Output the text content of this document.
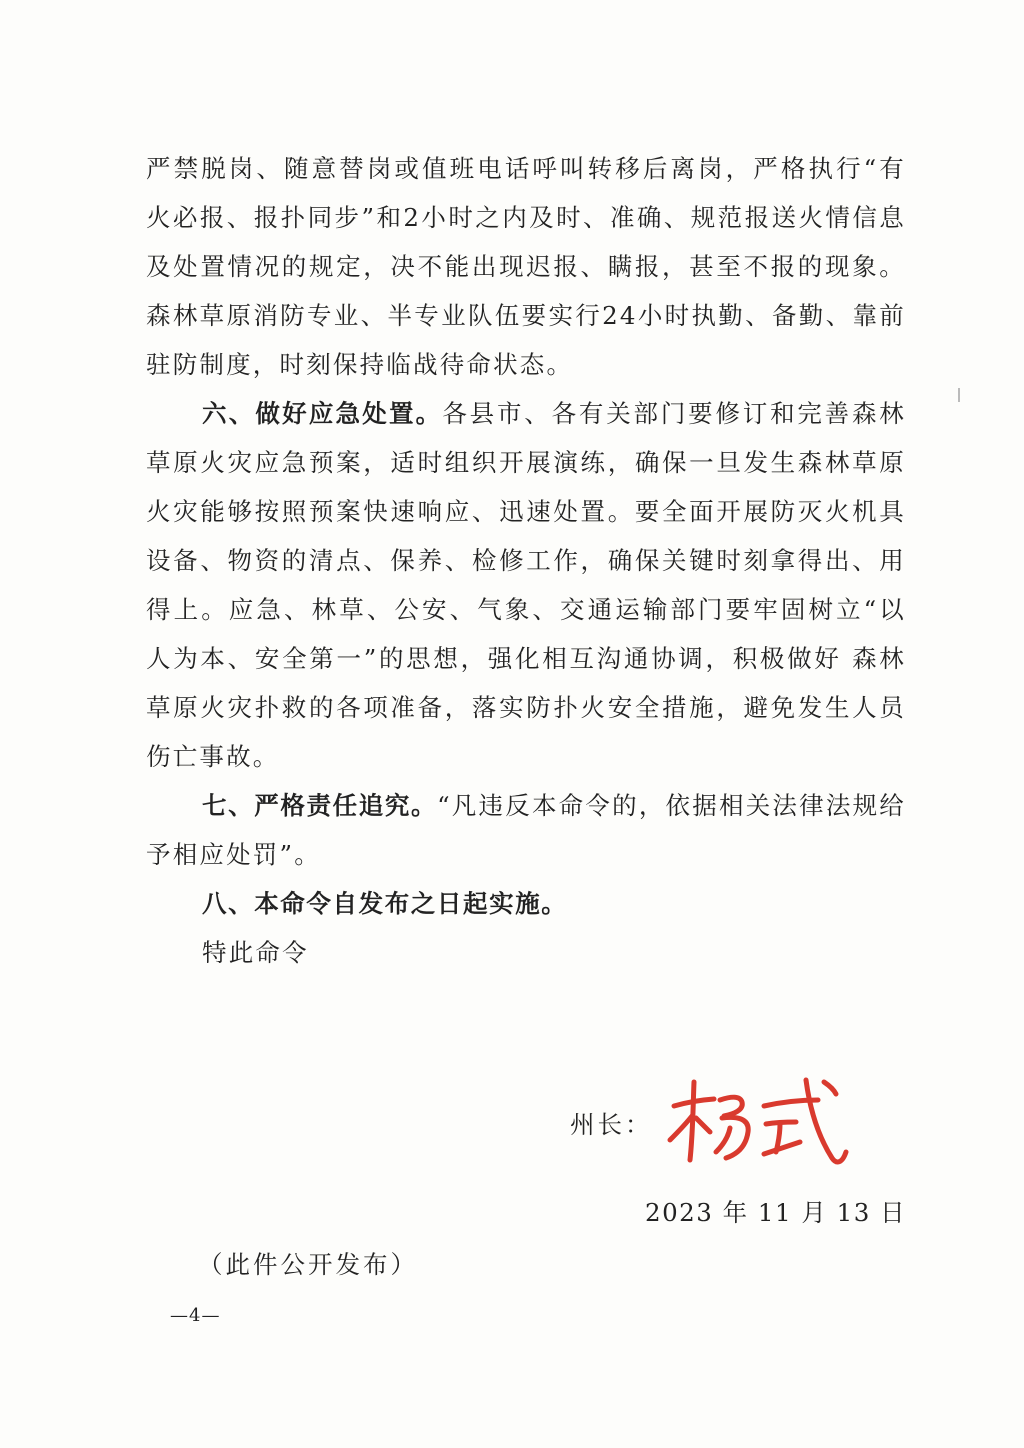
严禁脱岗、随意替岗或值班电话呼叫转移后离岗，严格执行“有火必报、报扑同步”和2小时之内及时、准确、规范报送火情信息及处置情况的规定，决不能出现迟报、瞒报，甚至不报的现象。森林草原消防专业、半专业队伍要实行24小时执勤、备勤、靠前驻防制度，时刻保持临战待命状态。

六、做好应急处置。各县市、各有关部门要修订和完善森林草原火灾应急预案，适时组织开展演练，确保一旦发生森林草原火灾能够按照预案快速响应、迅速处置。要全面开展防灭火机具设备、物资的清点、保养、检修工作，确保关键时刻拿得出、用得上。应急、林草、公安、气象、交通运输部门要牢固树立“以人为本、安全第一”的思想，强化相互沟通协调，积极做好 森林草原火灾扑救的各项准备，落实防扑火安全措施，避免发生人员伤亡事故。

七、严格责任追究。“凡违反本命令的，依据相关法律法规给予相应处罚”。

八、本命令自发布之日起实施。

特此命令

州长：
2023 年 11 月 13 日
（此件公开发布）
—4—
